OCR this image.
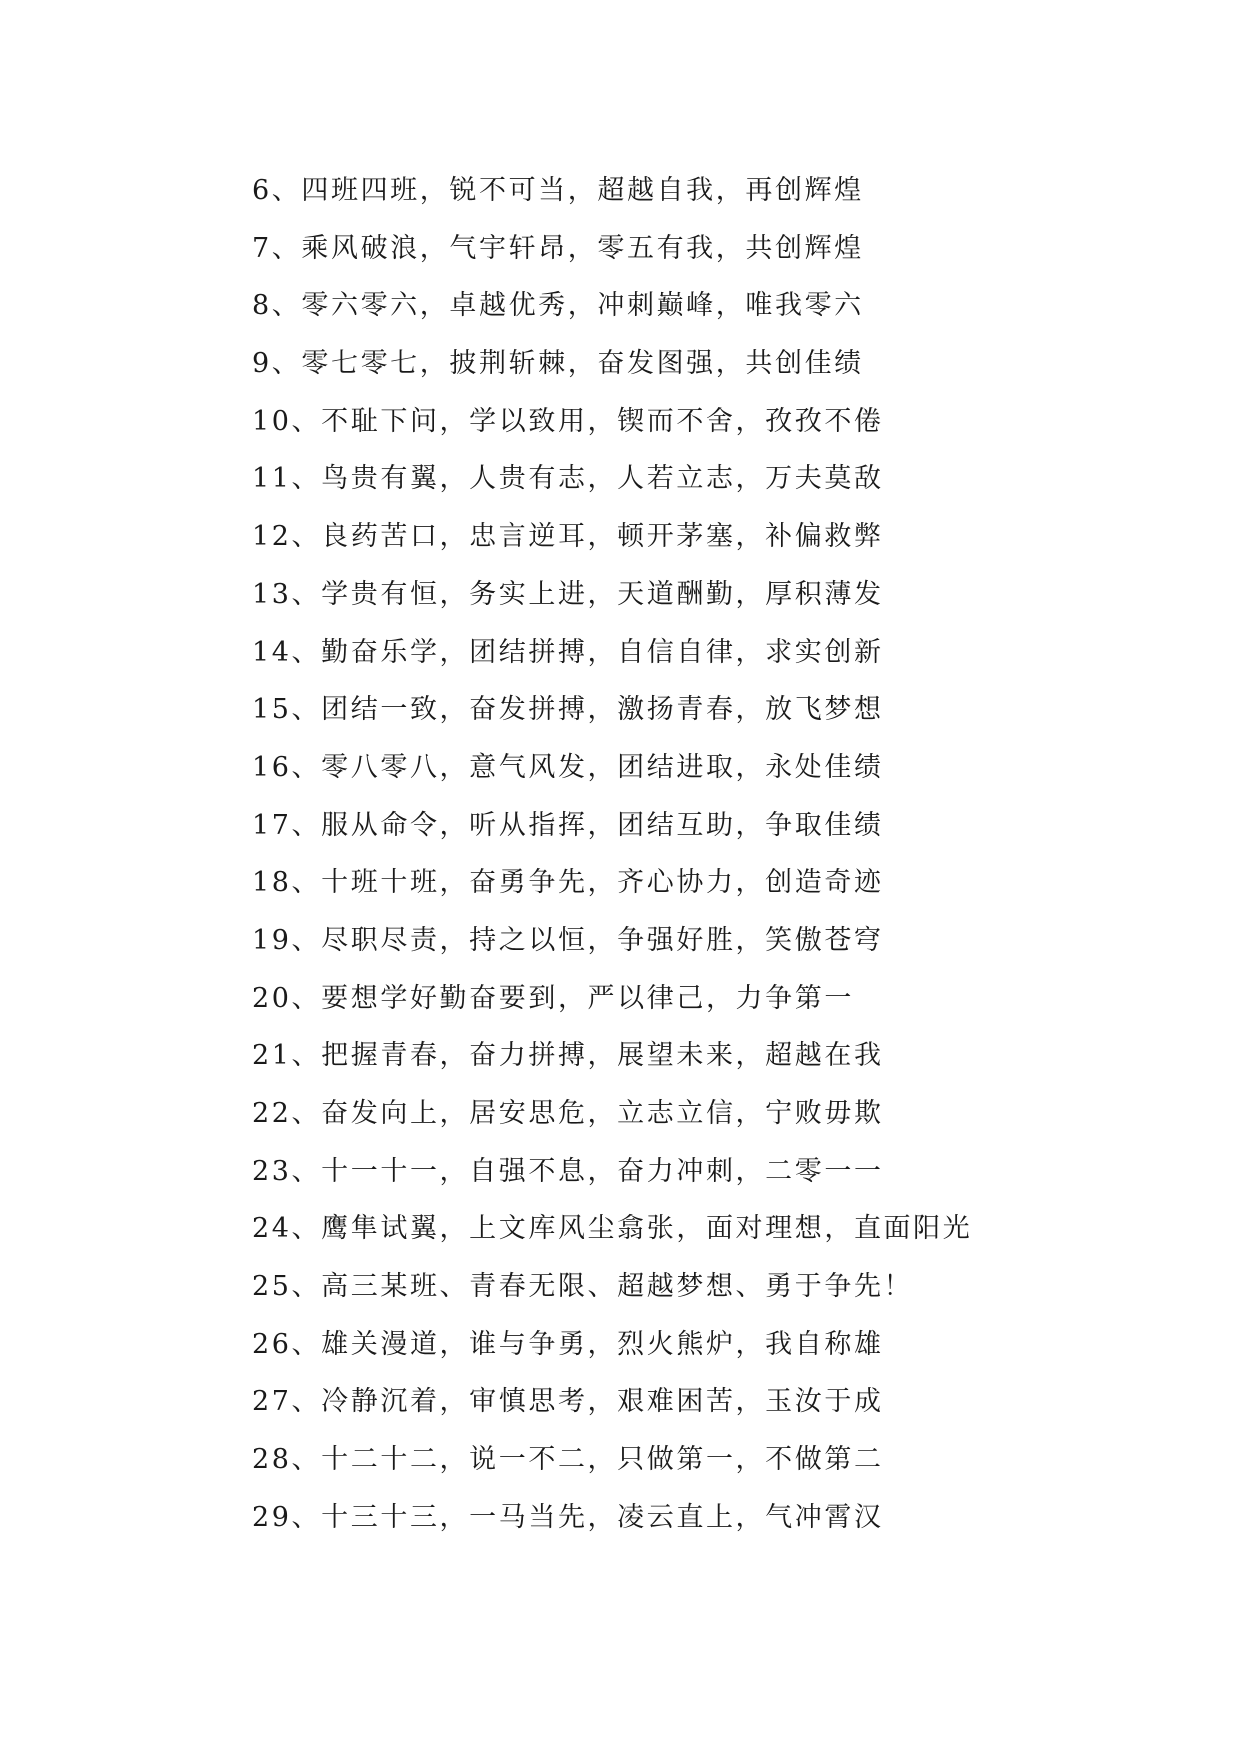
6、四班四班，锐不可当，超越自我，再创辉煌
7、乘风破浪，气宇轩昂，零五有我，共创辉煌
8、零六零六，卓越优秀，冲刺巅峰，唯我零六
9、零七零七，披荆斩棘，奋发图强，共创佳绩
10、不耻下问，学以致用，锲而不舍，孜孜不倦
11、鸟贵有翼，人贵有志，人若立志，万夫莫敌
12、良药苦口，忠言逆耳，顿开茅塞，补偏救弊
13、学贵有恒，务实上进，天道酬勤，厚积薄发
14、勤奋乐学，团结拼搏，自信自律，求实创新
15、团结一致，奋发拼搏，激扬青春，放飞梦想
16、零八零八，意气风发，团结进取，永处佳绩
17、服从命令，听从指挥，团结互助，争取佳绩
18、十班十班，奋勇争先，齐心协力，创造奇迹
19、尽职尽责，持之以恒，争强好胜，笑傲苍穹
20、要想学好勤奋要到，严以律己，力争第一
21、把握青春，奋力拼搏，展望未来，超越在我
22、奋发向上，居安思危，立志立信，宁败毋欺
23、十一十一，自强不息，奋力冲刺，二零一一
24、鹰隼试翼，上文库风尘翕张，面对理想，直面阳光
25、高三某班、青春无限、超越梦想、勇于争先！
26、雄关漫道，谁与争勇，烈火熊炉，我自称雄
27、冷静沉着，审慎思考，艰难困苦，玉汝于成
28、十二十二，说一不二，只做第一，不做第二
29、十三十三，一马当先，凌云直上，气冲霄汉
